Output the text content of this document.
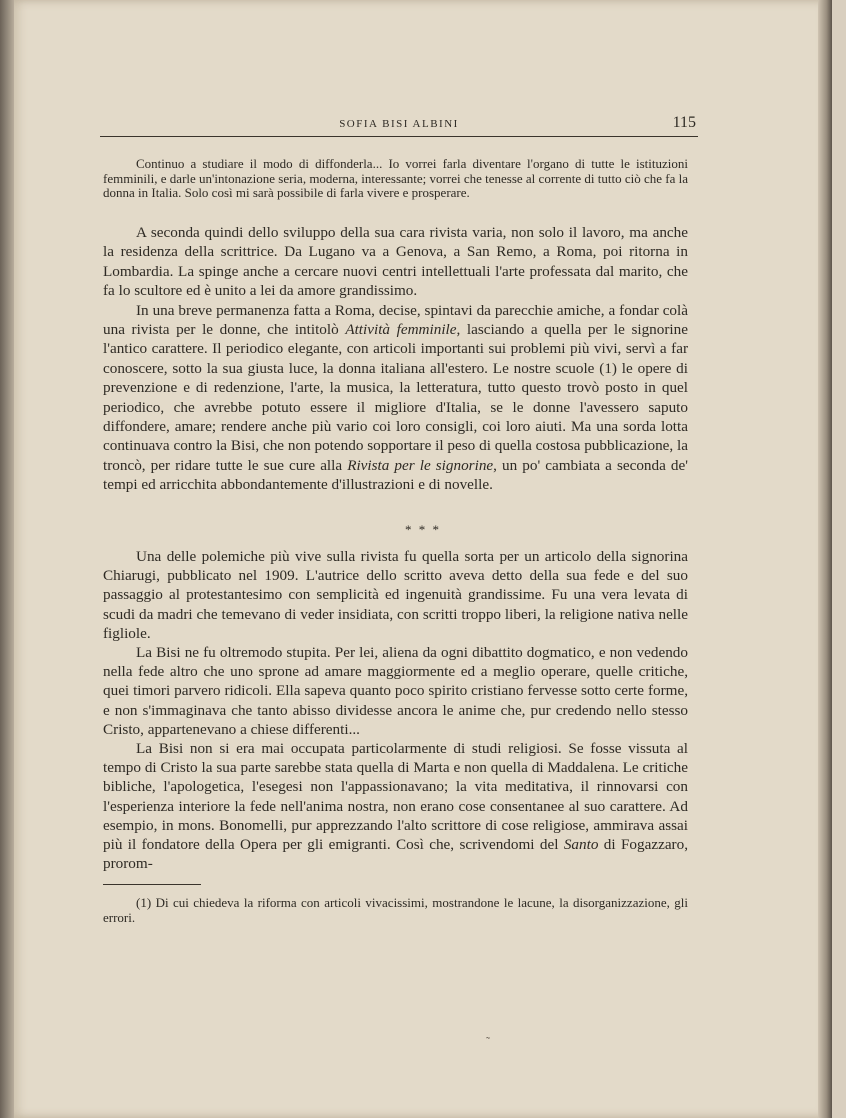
SOFIA BISI ALBINI	115

Continuo a studiare il modo di diffonderla... Io vorrei farla diventare l'organo di tutte le istituzioni femminili, e darle un'intonazione seria, moderna, interessante; vorrei che tenesse al corrente di tutto ciò che fa la donna in Italia. Solo così mi sarà possibile di farla vivere e prosperare.

A seconda quindi dello sviluppo della sua cara rivista varia, non solo il lavoro, ma anche la residenza della scrittrice. Da Lugano va a Genova, a San Remo, a Roma, poi ritorna in Lombardia. La spinge anche a cercare nuovi centri intellettuali l'arte professata dal marito, che fa lo scultore ed è unito a lei da amore grandissimo.

In una breve permanenza fatta a Roma, decise, spintavi da parecchie amiche, a fondar colà una rivista per le donne, che intitolò Attività femminile, lasciando a quella per le signorine l'antico carattere. Il periodico elegante, con articoli importanti sui problemi più vivi, servì a far conoscere, sotto la sua giusta luce, la donna italiana all'estero. Le nostre scuole (1) le opere di prevenzione e di redenzione, l'arte, la musica, la letteratura, tutto questo trovò posto in quel periodico, che avrebbe potuto essere il migliore d'Italia, se le donne l'avessero saputo diffondere, amare; rendere anche più vario coi loro consigli, coi loro aiuti. Ma una sorda lotta continuava contro la Bisi, che non potendo sopportare il peso di quella costosa pubblicazione, la troncò, per ridare tutte le sue cure alla Rivista per le signorine, un po' cambiata a seconda de' tempi ed arricchita abbondantemente d'illustrazioni e di novelle.

* * *

Una delle polemiche più vive sulla rivista fu quella sorta per un articolo della signorina Chiarugi, pubblicato nel 1909. L'autrice dello scritto aveva detto della sua fede e del suo passaggio al protestantesimo con semplicità ed ingenuità grandissime. Fu una vera levata di scudi da madri che temevano di veder insidiata, con scritti troppo liberi, la religione nativa nelle figliole.

La Bisi ne fu oltremodo stupita. Per lei, aliena da ogni dibattito dogmatico, e non vedendo nella fede altro che uno sprone ad amare maggiormente ed a meglio operare, quelle critiche, quei timori parvero ridicoli. Ella sapeva quanto poco spirito cristiano fervesse sotto certe forme, e non s'immaginava che tanto abisso dividesse ancora le anime che, pur credendo nello stesso Cristo, appartenevano a chiese differenti...

La Bisi non si era mai occupata particolarmente di studi religiosi. Se fosse vissuta al tempo di Cristo la sua parte sarebbe stata quella di Marta e non quella di Maddalena. Le critiche bibliche, l'apologetica, l'esegesi non l'appassionavano; la vita meditativa, il rinnovarsi con l'esperienza interiore la fede nell'anima nostra, non erano cose consentanee al suo carattere. Ad esempio, in mons. Bonomelli, pur apprezzando l'alto scrittore di cose religiose, ammirava assai più il fondatore della Opera per gli emigranti. Così che, scrivendomi del Santo di Fogazzaro, prorom-

(1) Di cui chiedeva la riforma con articoli vivacissimi, mostrandone le lacune, la disorganizzazione, gli errori.

˜
